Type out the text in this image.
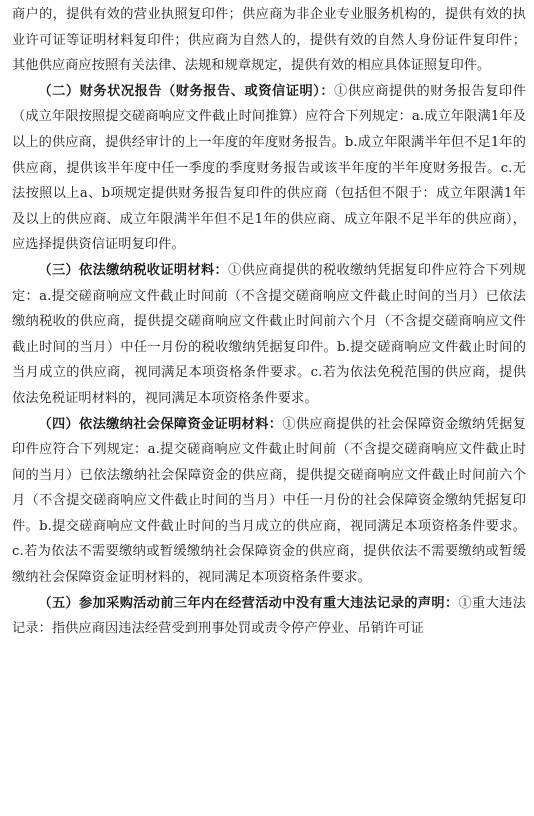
商户的，提供有效的营业执照复印件；供应商为非企业专业服务机构的，提供有效的执业许可证等证明材料复印件；供应商为自然人的，提供有效的自然人身份证件复印件；其他供应商应按照有关法律、法规和规章规定，提供有效的相应具体证照复印件。

（二）财务状况报告（财务报告、或资信证明）：①供应商提供的财务报告复印件（成立年限按照提交磋商响应文件截止时间推算）应符合下列规定：a.成立年限满1年及以上的供应商，提供经审计的上一年度的年度财务报告。b.成立年限满半年但不足1年的供应商，提供该半年度中任一季度的季度财务报告或该半年度的半年度财务报告。c.无法按照以上a、b项规定提供财务报告复印件的供应商（包括但不限于：成立年限满1年及以上的供应商、成立年限满半年但不足1年的供应商、成立年限不足半年的供应商），应选择提供资信证明复印件。

（三）依法缴纳税收证明材料：①供应商提供的税收缴纳凭据复印件应符合下列规定：a.提交磋商响应文件截止时间前（不含提交磋商响应文件截止时间的当月）已依法缴纳税收的供应商，提供提交磋商响应文件截止时间前六个月（不含提交磋商响应文件截止时间的当月）中任一月份的税收缴纳凭据复印件。b.提交磋商响应文件截止时间的当月成立的供应商，视同满足本项资格条件要求。c.若为依法免税范围的供应商，提供依法免税证明材料的，视同满足本项资格条件要求。

（四）依法缴纳社会保障资金证明材料：①供应商提供的社会保障资金缴纳凭据复印件应符合下列规定：a.提交磋商响应文件截止时间前（不含提交磋商响应文件截止时间的当月）已依法缴纳社会保障资金的供应商，提供提交磋商响应文件截止时间前六个月（不含提交磋商响应文件截止时间的当月）中任一月份的社会保障资金缴纳凭据复印件。b.提交磋商响应文件截止时间的当月成立的供应商，视同满足本项资格条件要求。c.若为依法不需要缴纳或暂缓缴纳社会保障资金的供应商，提供依法不需要缴纳或暂缓缴纳社会保障资金证明材料的，视同满足本项资格条件要求。

（五）参加采购活动前三年内在经营活动中没有重大违法记录的声明：①重大违法记录：指供应商因违法经营受到刑事处罚或责令停产停业、吊销许可证
